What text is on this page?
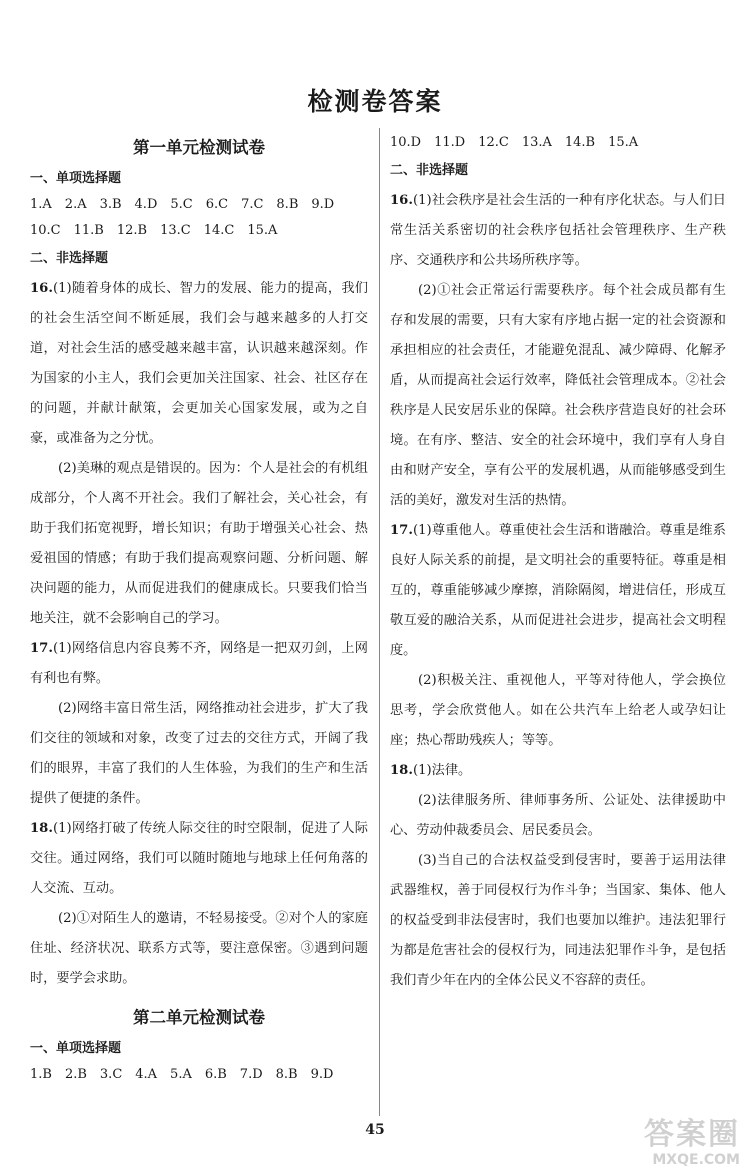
检测卷答案
第一单元检测试卷
一、单项选择题
1.A　2.A　3.B　4.D　5.C　6.C　7.C　8.B　9.D
10.C　11.B　12.B　13.C　14.C　15.A
二、非选择题

16.(1)随着身体的成长、智力的发展、能力的提高，我们的社会生活空间不断延展，我们会与越来越多的人打交道，对社会生活的感受越来越丰富，认识越来越深刻。作为国家的小主人，我们会更加关注国家、社会、社区存在的问题，并献计献策，会更加关心国家发展，或为之自豪，或准备为之分忧。

(2)美琳的观点是错误的。因为：个人是社会的有机组成部分，个人离不开社会。我们了解社会，关心社会，有助于我们拓宽视野，增长知识；有助于增强关心社会、热爱祖国的情感；有助于我们提高观察问题、分析问题、解决问题的能力，从而促进我们的健康成长。只要我们恰当地关注，就不会影响自己的学习。

17.(1)网络信息内容良莠不齐，网络是一把双刃剑，上网有利也有弊。

(2)网络丰富日常生活，网络推动社会进步，扩大了我们交往的领域和对象，改变了过去的交往方式，开阔了我们的眼界，丰富了我们的人生体验，为我们的生产和生活提供了便捷的条件。

18.(1)网络打破了传统人际交往的时空限制，促进了人际交往。通过网络，我们可以随时随地与地球上任何角落的人交流、互动。

(2)①对陌生人的邀请，不轻易接受。②对个人的家庭住址、经济状况、联系方式等，要注意保密。③遇到问题时，要学会求助。

第二单元检测试卷
一、单项选择题
1.B　2.B　3.C　4.A　5.A　6.B　7.D　8.B　9.D
10.D　11.D　12.C　13.A　14.B　15.A
二、非选择题

16.(1)社会秩序是社会生活的一种有序化状态。与人们日常生活关系密切的社会秩序包括社会管理秩序、生产秩序、交通秩序和公共场所秩序等。

(2)①社会正常运行需要秩序。每个社会成员都有生存和发展的需要，只有大家有序地占据一定的社会资源和承担相应的社会责任，才能避免混乱、减少障碍、化解矛盾，从而提高社会运行效率，降低社会管理成本。②社会秩序是人民安居乐业的保障。社会秩序营造良好的社会环境。在有序、整洁、安全的社会环境中，我们享有人身自由和财产安全，享有公平的发展机遇，从而能够感受到生活的美好，激发对生活的热情。

17.(1)尊重他人。尊重使社会生活和谐融洽。尊重是维系良好人际关系的前提，是文明社会的重要特征。尊重是相互的，尊重能够减少摩擦，消除隔阂，增进信任，形成互敬互爱的融洽关系，从而促进社会进步，提高社会文明程度。

(2)积极关注、重视他人，平等对待他人，学会换位思考，学会欣赏他人。如在公共汽车上给老人或孕妇让座；热心帮助残疾人；等等。

18.(1)法律。

(2)法律服务所、律师事务所、公证处、法律援助中心、劳动仲裁委员会、居民委员会。

(3)当自己的合法权益受到侵害时，要善于运用法律武器维权，善于同侵权行为作斗争；当国家、集体、他人的权益受到非法侵害时，我们也要加以维护。违法犯罪行为都是危害社会的侵权行为，同违法犯罪作斗争，是包括我们青少年在内的全体公民义不容辞的责任。

45	答案圈
MXQE.COM
